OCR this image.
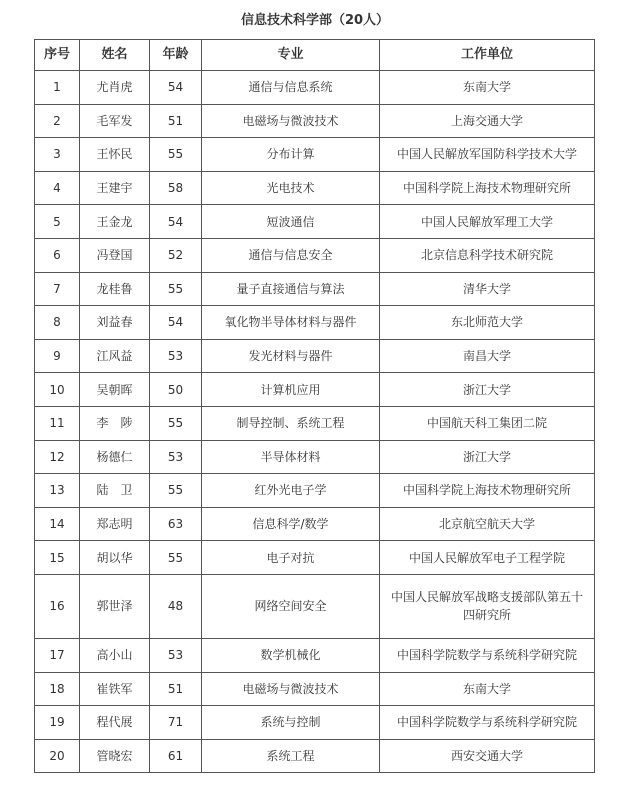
信息技术科学部（20人）
序号	姓名	年龄	专业	工作单位
1	尤肖虎	54	通信与信息系统	东南大学
2	毛军发	51	电磁场与微波技术	上海交通大学
3	王怀民	55	分布计算	中国人民解放军国防科学技术大学
4	王建宇	58	光电技术	中国科学院上海技术物理研究所
5	王金龙	54	短波通信	中国人民解放军理工大学
6	冯登国	52	通信与信息安全	北京信息科学技术研究院
7	龙桂鲁	55	量子直接通信与算法	清华大学
8	刘益春	54	氧化物半导体材料与器件	东北师范大学
9	江风益	53	发光材料与器件	南昌大学
10	吴朝晖	50	计算机应用	浙江大学
11	李　陟	55	制导控制、系统工程	中国航天科工集团二院
12	杨德仁	53	半导体材料	浙江大学
13	陆　卫	55	红外光电子学	中国科学院上海技术物理研究所
14	郑志明	63	信息科学/数学	北京航空航天大学
15	胡以华	55	电子对抗	中国人民解放军电子工程学院
16	郭世泽	48	网络空间安全	中国人民解放军战略支援部队第五十四研究所
17	高小山	53	数学机械化	中国科学院数学与系统科学研究院
18	崔铁军	51	电磁场与微波技术	东南大学
19	程代展	71	系统与控制	中国科学院数学与系统科学研究院
20	管晓宏	61	系统工程	西安交通大学
